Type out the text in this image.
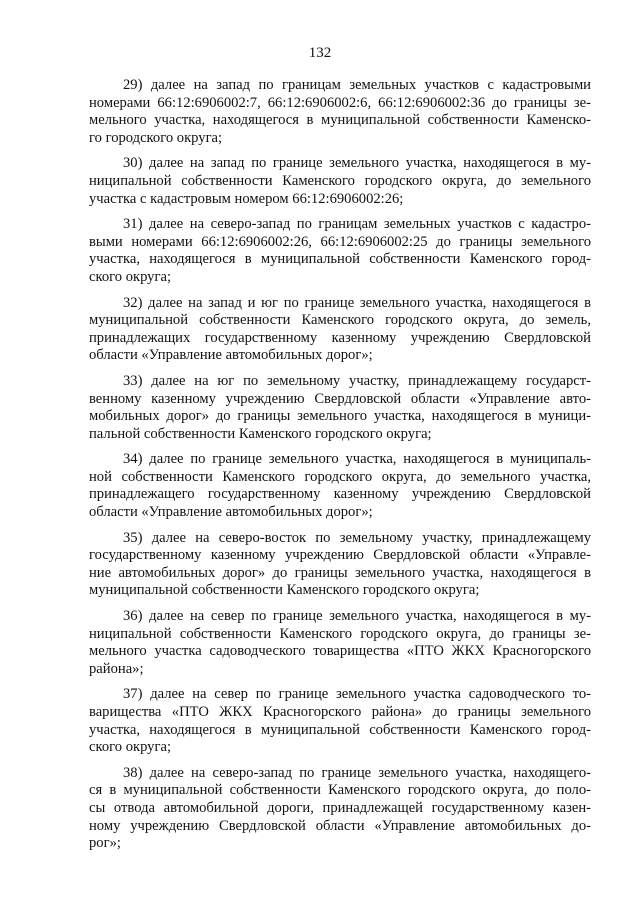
132
29) далее на запад по границам земельных участков с кадастровыми
номерами 66:12:6906002:7, 66:12:6906002:6, 66:12:6906002:36 до границы зе-
мельного участка, находящегося в муниципальной собственности Каменско-
го городского округа;
30) далее на запад по границе земельного участка, находящегося в му-
ниципальной собственности Каменского городского округа, до земельного
участка с кадастровым номером 66:12:6906002:26;
31) далее на северо-запад по границам земельных участков с кадастро-
выми номерами 66:12:6906002:26, 66:12:6906002:25 до границы земельного
участка, находящегося в муниципальной собственности Каменского город-
ского округа;
32) далее на запад и юг по границе земельного участка, находящегося в
муниципальной собственности Каменского городского округа, до земель,
принадлежащих государственному казенному учреждению Свердловской
области «Управление автомобильных дорог»;
33) далее на юг по земельному участку, принадлежащему государст-
венному казенному учреждению Свердловской области «Управление авто-
мобильных дорог» до границы земельного участка, находящегося в муници-
пальной собственности Каменского городского округа;
34) далее по границе земельного участка, находящегося в муниципаль-
ной собственности Каменского городского округа, до земельного участка,
принадлежащего государственному казенному учреждению Свердловской
области «Управление автомобильных дорог»;
35) далее на северо-восток по земельному участку, принадлежащему
государственному казенному учреждению Свердловской области «Управле-
ние автомобильных дорог» до границы земельного участка, находящегося в
муниципальной собственности Каменского городского округа;
36) далее на север по границе земельного участка, находящегося в му-
ниципальной собственности Каменского городского округа, до границы зе-
мельного участка садоводческого товарищества «ПТО ЖКХ Красногорского
района»;
37) далее на север по границе земельного участка садоводческого то-
варищества «ПТО ЖКХ Красногорского района» до границы земельного
участка, находящегося в муниципальной собственности Каменского город-
ского округа;
38) далее на северо-запад по границе земельного участка, находящего-
ся в муниципальной собственности Каменского городского округа, до поло-
сы отвода автомобильной дороги, принадлежащей государственному казен-
ному учреждению Свердловской области «Управление автомобильных до-
рог»;
